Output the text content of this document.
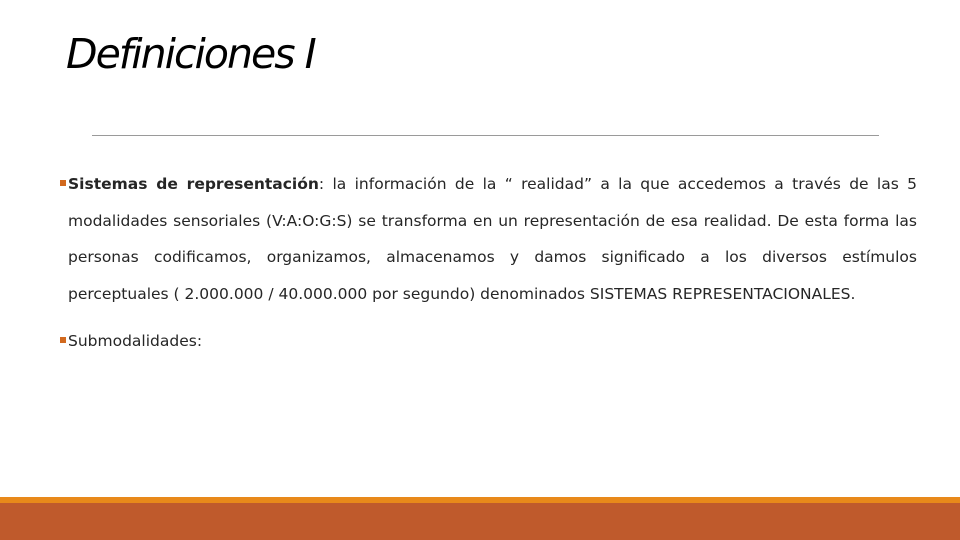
Definiciones I
Sistemas de representación: la información de la “ realidad” a la que accedemos a través de las 5 modalidades sensoriales (V:A:O:G:S) se transforma en un representación de esa realidad. De esta forma las personas codificamos, organizamos, almacenamos y damos significado a los diversos estímulos perceptuales ( 2.000.000 / 40.000.000 por segundo) denominados SISTEMAS REPRESENTACIONALES.
Submodalidades:
